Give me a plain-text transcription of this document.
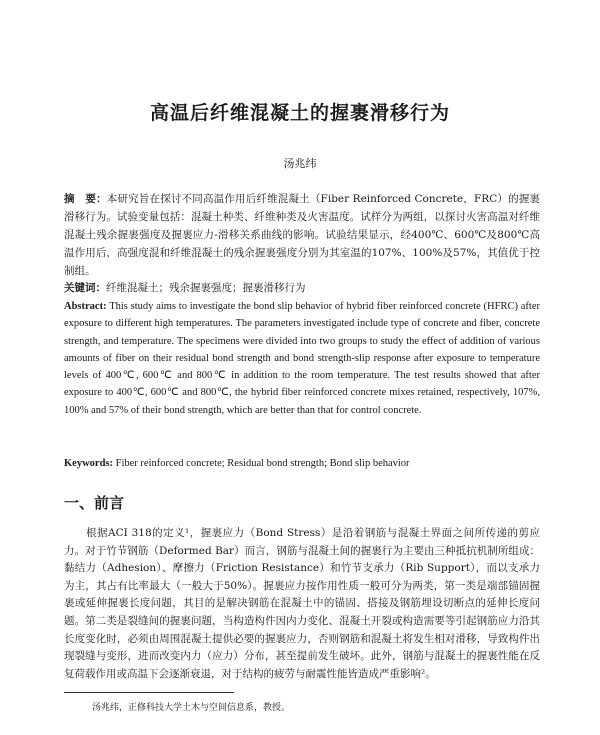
高温后纤维混凝土的握裹滑移行为
汤兆纬
摘　要：本研究旨在探讨不同高温作用后纤维混凝土（Fiber Reinforced Concrete，FRC）的握裹滑移行为。试验变量包括：混凝土种类、纤维种类及火害温度。试样分为两组，以探讨火害高温对纤维混凝土残余握裹强度及握裹应力-滑移关系曲线的影响。试验结果显示，经400℃、600℃及800℃高温作用后，高强度混和纤维混凝土的残余握裹强度分别为其室温的107%、100%及57%，其值优于控制组。
关键词：纤维混凝土；残余握裹强度；握裹滑移行为
Abstract: This study aims to investigate the bond slip behavior of hybrid fiber reinforced concrete (HFRC) after exposure to different high temperatures. The parameters investigated include type of concrete and fiber, concrete strength, and temperature. The specimens were divided into two groups to study the effect of addition of various amounts of fiber on their residual bond strength and bond strength-slip response after exposure to temperature levels of 400℃, 600℃ and 800℃ in addition to the room temperature. The test results showed that after exposure to 400℃, 600℃ and 800℃, the hybrid fiber reinforced concrete mixes retained, respectively, 107%, 100% and 57% of their bond strength, which are better than that for control concrete.
Keywords: Fiber reinforced concrete; Residual bond strength; Bond slip behavior
一、前言
根据ACI 318的定义¹，握裹应力（Bond Stress）是沿着钢筋与混凝土界面之间所传递的剪应力。对于竹节钢筋（Deformed Bar）而言，钢筋与混凝土间的握裹行为主要由三种抵抗机制所组成：黏结力（Adhesion）、摩擦力（Friction Resistance）和竹节支承力（Rib Support），而以支承力为主，其占有比率最大（一般大于50%）。握裹应力按作用性质一般可分为两类，第一类是端部锚固握裹或延伸握裹长度问题，其目的是解决钢筋在混凝土中的锚固、搭接及钢筋埋设切断点的延伸长度问题。第二类是裂缝间的握裹问题，当构造构件因内力变化、混凝土开裂或构造需要等引起钢筋应力沿其长度变化时，必须由周围混凝土提供必要的握裹应力，否则钢筋和混凝土将发生相对滑移，导致构件出现裂缝与变形，进而改变内力（应力）分布，甚至提前发生破坏。此外，钢筋与混凝土的握裹性能在反复荷载作用或高温下会逐渐衰退，对于结构的疲劳与耐震性能皆造成严重影响²。
汤兆纬，正修科技大学土木与空间信息系，教授。
